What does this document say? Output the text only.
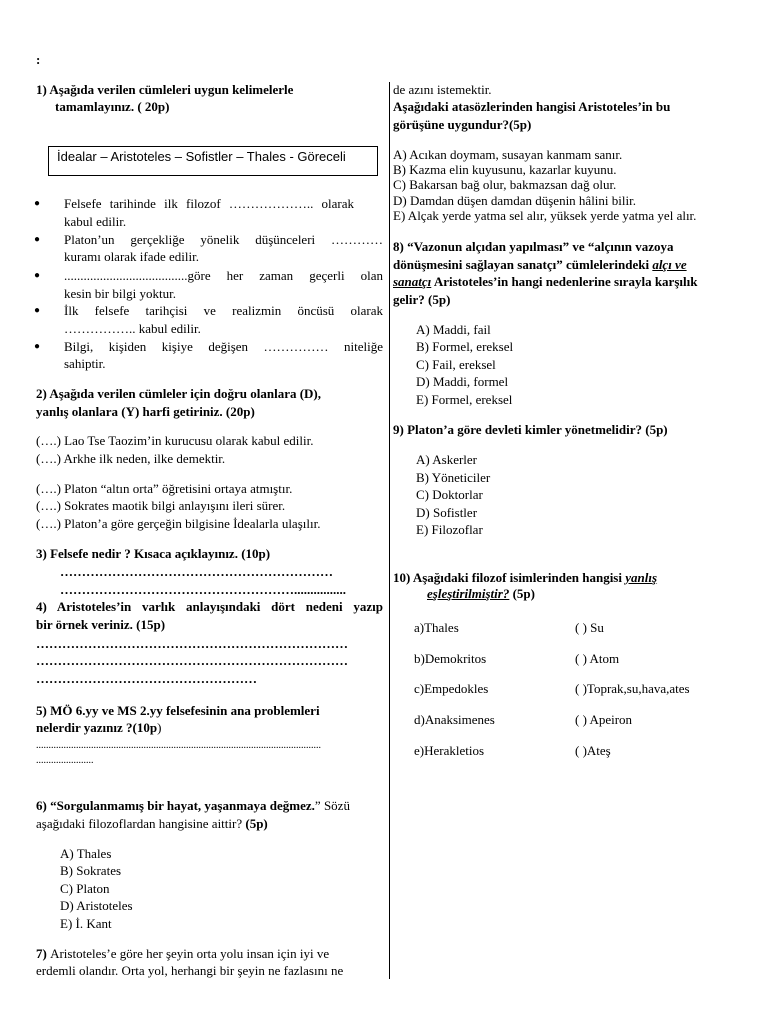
:
1) Aşağıda verilen cümleleri uygun kelimelerle
tamamlayınız. ( 20p)
İdealar – Aristoteles – Sofistler – Thales - Göreceli
● Felsefe tarihinde ilk filozof ……………….. olarak
kabul edilir.
● Platon’un gerçekliğe yönelik düşünceleri …………
kuramı olarak ifade edilir.
● ......................................göre her zaman geçerli olan
kesin bir bilgi yoktur.
● İlk felsefe tarihçisi ve realizmin öncüsü olarak
…………….. kabul edilir.
● Bilgi, kişiden kişiye değişen …………… niteliğe
sahiptir.
2) Aşağıda verilen cümleler için doğru olanlara (D),
yanlış olanlara (Y) harfi getiriniz. (20p)
(….) Lao Tse Taozim’in kurucusu olarak kabul edilir.
(….) Arkhe ilk neden, ilke demektir.
(….) Platon “altın orta” öğretisini ortaya atmıştır.
(….) Sokrates maotik bilgi anlayışını ileri sürer.
(….) Platon’a göre gerçeğin bilgisine İdealarla ulaşılır.
3) Felsefe nedir ? Kısaca açıklayınız. (10p)
………………………………………………………
………………………………………………................
4) Aristoteles’in varlık anlayışındaki dört nedeni yazıp
bir örnek veriniz. (15p)
………………………………………………………………
………………………………………………………………
……………………………………………
5) MÖ 6.yy ve MS 2.yy felsefesinin ana problemleri
nelerdir yazınız ?(10p)
..................................................................................................................
.......................
6) “Sorgulanmamış bir hayat, yaşanmaya değmez.” Sözü
aşağıdaki filozoflardan hangisine aittir? (5p)
A) Thales
B) Sokrates
C) Platon
D) Aristoteles
E) İ. Kant
7) Aristoteles’e göre her şeyin orta yolu insan için iyi ve
erdemli olandır. Orta yol, herhangi bir şeyin ne fazlasını ne
de azını istemektir.
Aşağıdaki atasözlerinden hangisi Aristoteles’in bu
görüşüne uygundur?(5p)
A) Acıkan doymam, susayan kanmam sanır.
B) Kazma elin kuyusunu, kazarlar kuyunu.
C) Bakarsan bağ olur, bakmazsan dağ olur.
D) Damdan düşen damdan düşenin hâlini bilir.
E) Alçak yerde yatma sel alır, yüksek yerde yatma yel alır.
8) “Vazonun alçıdan yapılması” ve “alçının vazoya
dönüşmesini sağlayan sanatçı” cümlelerindeki alçı ve
sanatçı Aristoteles’in hangi nedenlerine sırayla karşılık
gelir? (5p)
A) Maddi, fail
B) Formel, ereksel
C) Fail, ereksel
D) Maddi, formel
E) Formel, ereksel
9) Platon’a göre devleti kimler yönetmelidir? (5p)
A) Askerler
B) Yöneticiler
C) Doktorlar
D) Sofistler
E) Filozoflar
10) Aşağıdaki filozof isimlerinden hangisi yanlış
eşleştirilmiştir? (5p)
a)Thales	( ) Su
b)Demokritos	( ) Atom
c)Empedokles	( )Toprak,su,hava,ates
d)Anaksimenes	( ) Apeiron
e)Herakletios	( )Ateş
